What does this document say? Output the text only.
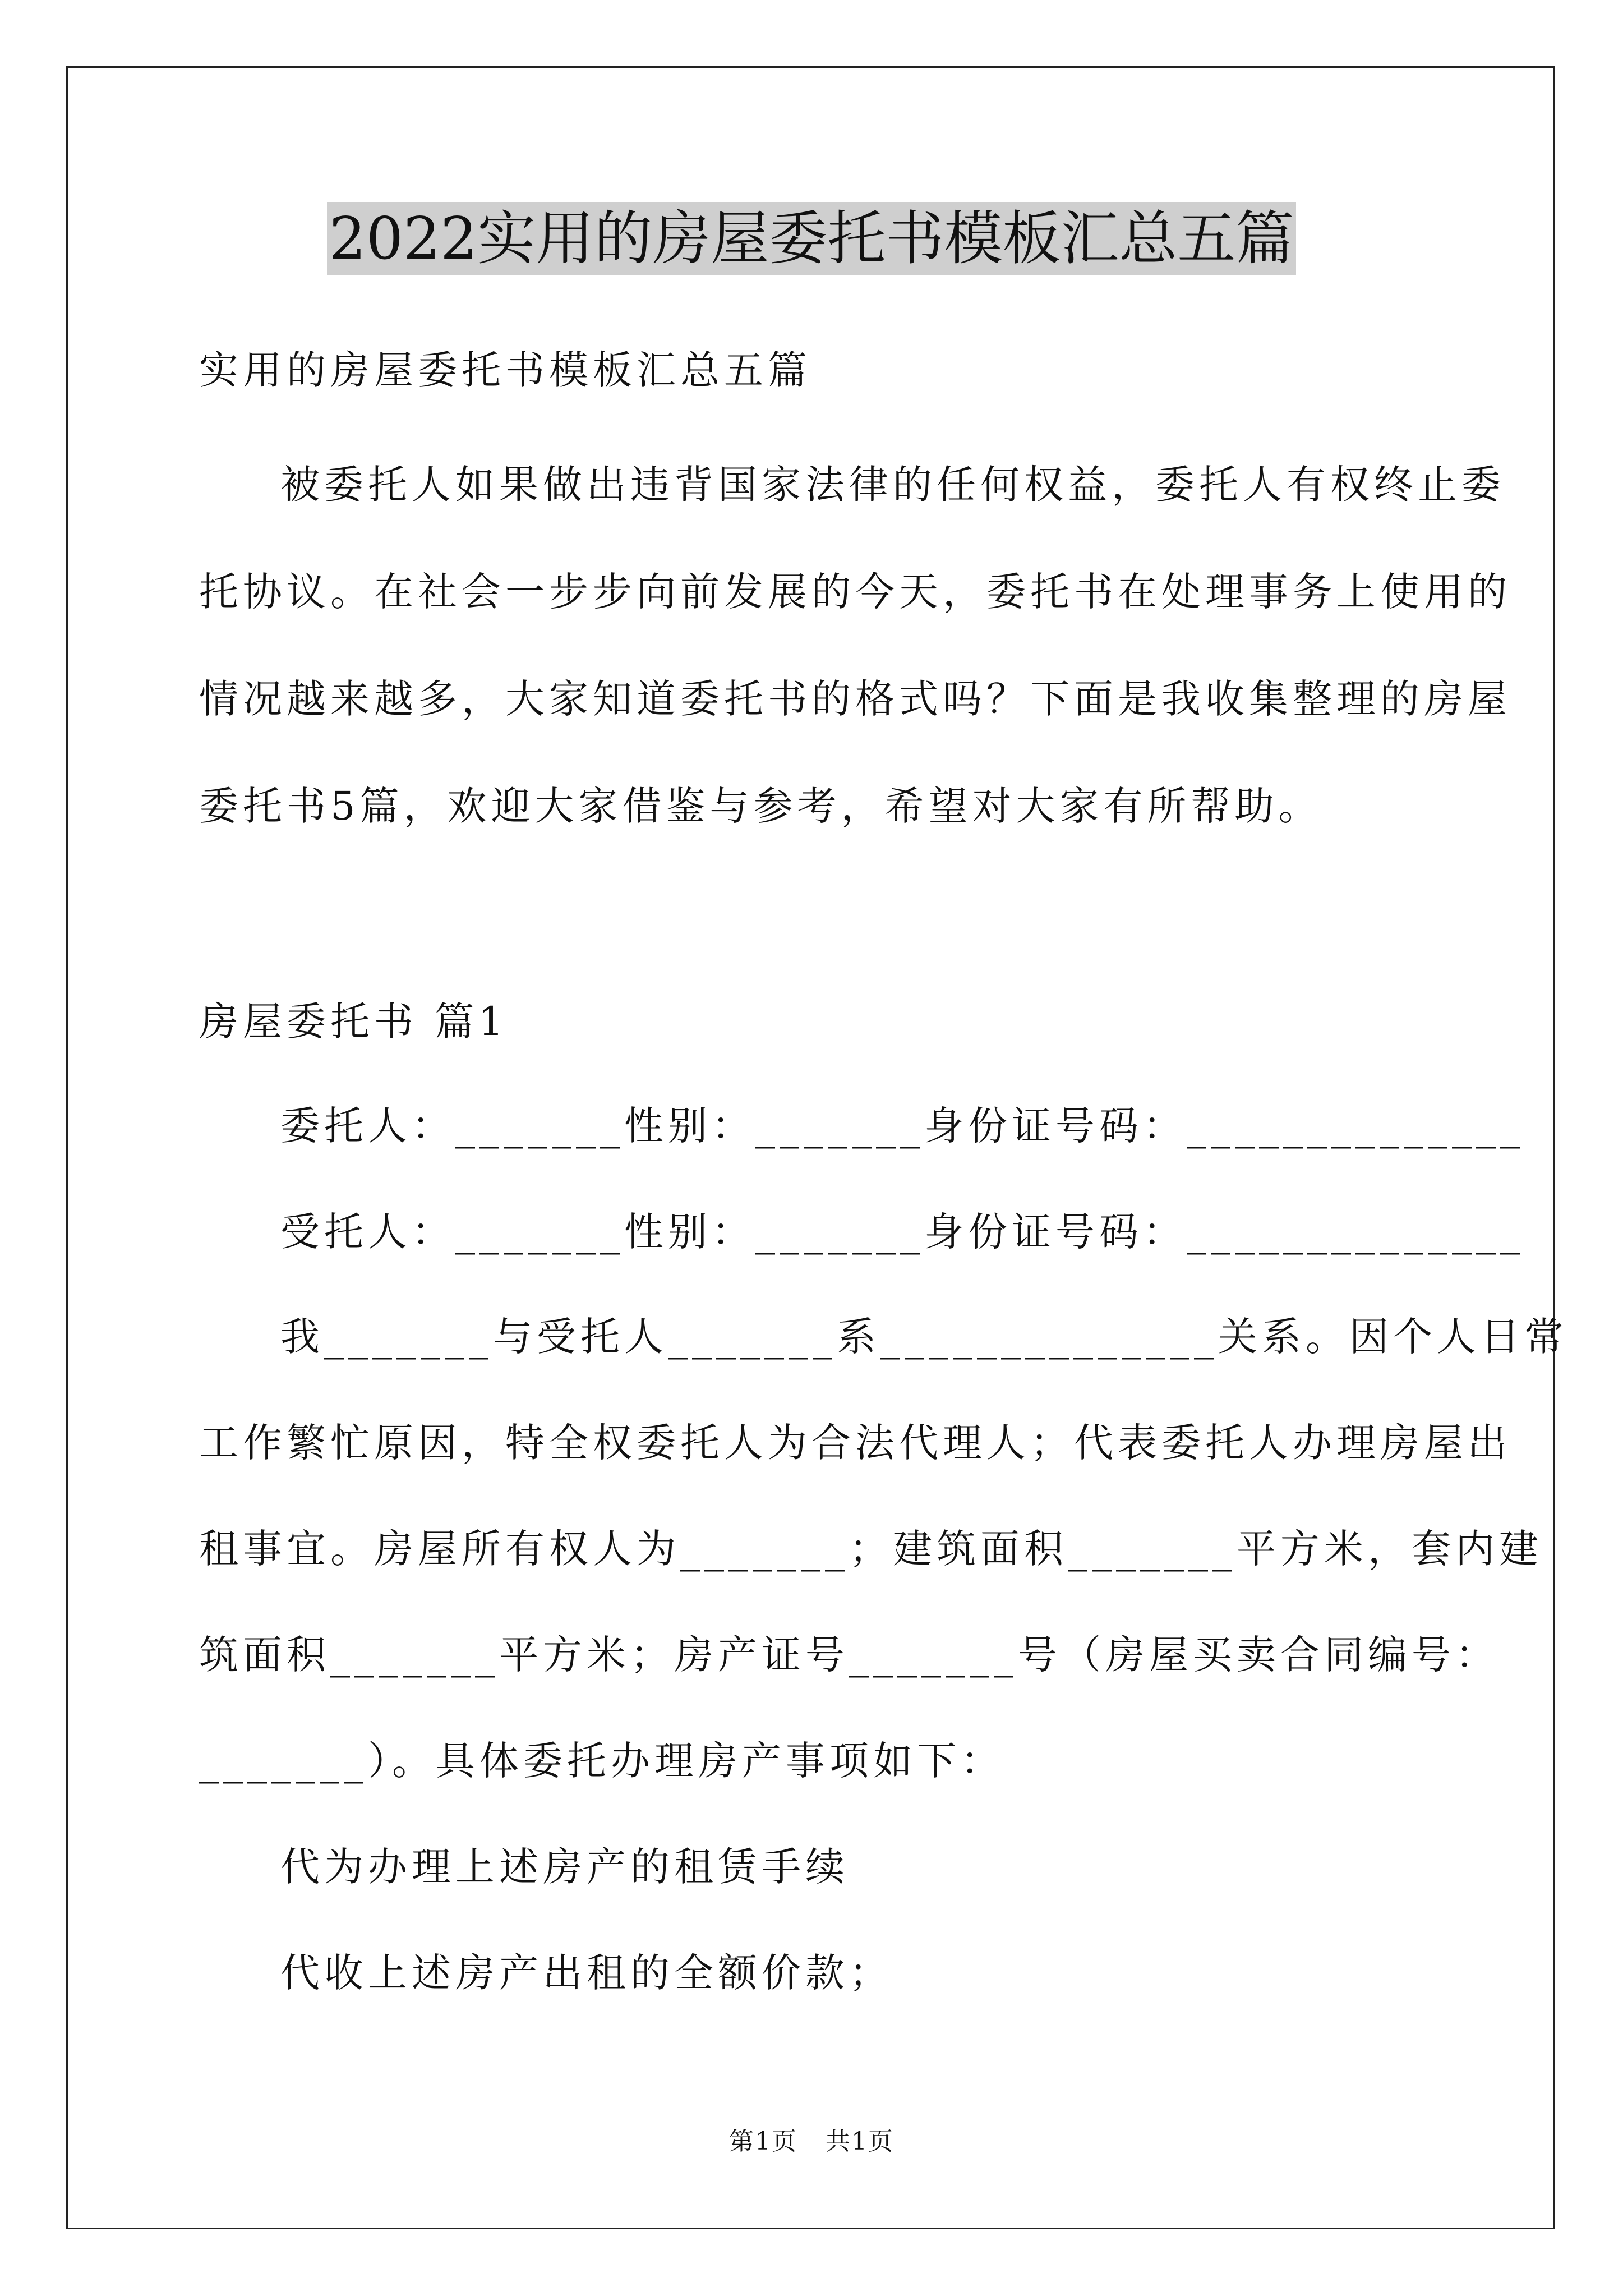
2022实用的房屋委托书模板汇总五篇
实用的房屋委托书模板汇总五篇
被委托人如果做出违背国家法律的任何权益，委托人有权终止委
托协议。在社会一步步向前发展的今天，委托书在处理事务上使用的
情况越来越多，大家知道委托书的格式吗？下面是我收集整理的房屋
委托书5篇，欢迎大家借鉴与参考，希望对大家有所帮助。
房屋委托书 篇1
委托人：_______性别：_______身份证号码：______________
受托人：_______性别：_______身份证号码：______________
我_______与受托人_______系______________关系。因个人日常
工作繁忙原因，特全权委托人为合法代理人；代表委托人办理房屋出
租事宜。房屋所有权人为_______；建筑面积_______平方米，套内建
筑面积_______平方米；房产证号_______号（房屋买卖合同编号：
_______）。具体委托办理房产事项如下：
代为办理上述房产的租赁手续
代收上述房产出租的全额价款；
第1页 共1页
